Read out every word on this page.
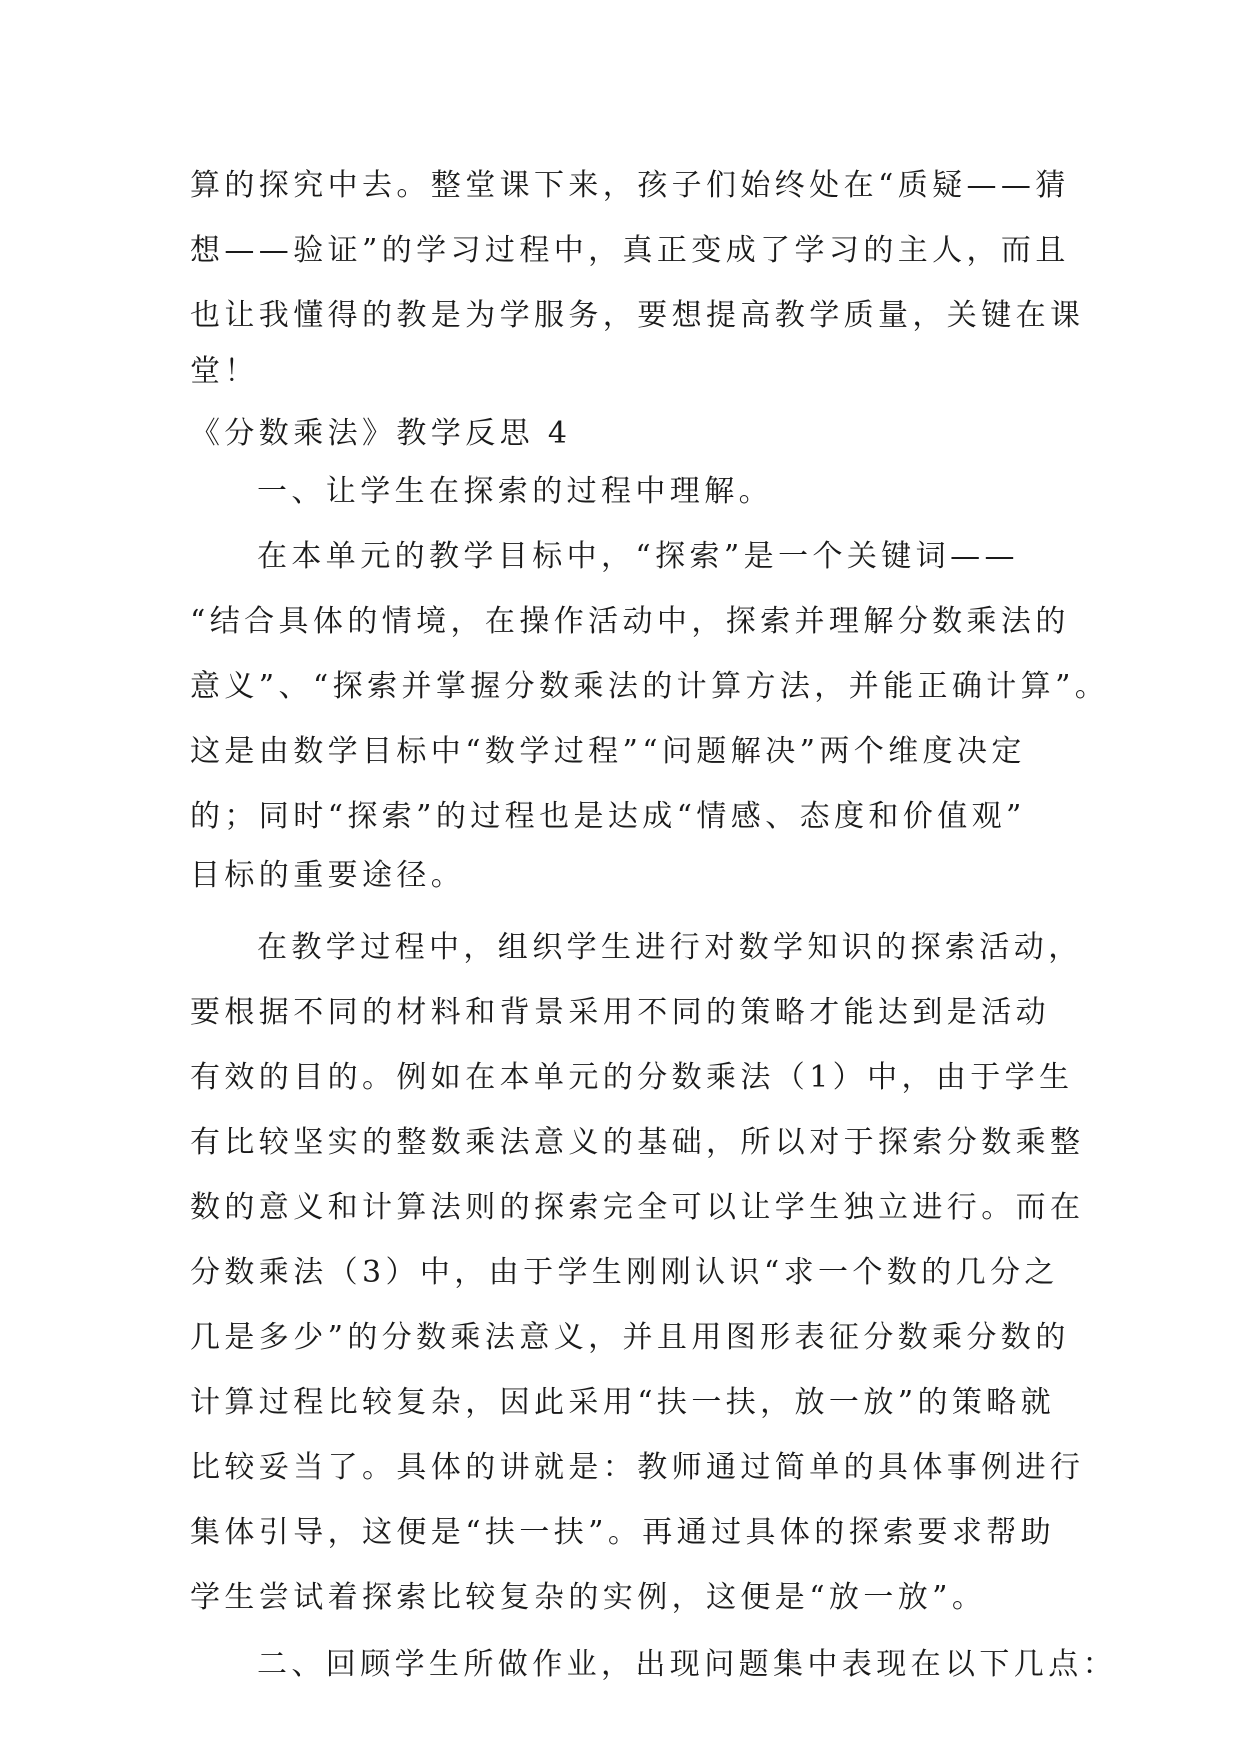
算的探究中去。整堂课下来，孩子们始终处在“质疑——猜

想——验证”的学习过程中，真正变成了学习的主人，而且

也让我懂得的教是为学服务，要想提高教学质量，关键在课

堂！

《分数乘法》教学反思 4

一、让学生在探索的过程中理解。

在本单元的教学目标中，“探索”是一个关键词——

“结合具体的情境，在操作活动中，探索并理解分数乘法的

意义”、“探索并掌握分数乘法的计算方法，并能正确计算”。

这是由数学目标中“数学过程”“问题解决”两个维度决定

的；同时“探索”的过程也是达成“情感、态度和价值观”

目标的重要途径。

在教学过程中，组织学生进行对数学知识的探索活动，

要根据不同的材料和背景采用不同的策略才能达到是活动

有效的目的。例如在本单元的分数乘法（1）中，由于学生

有比较坚实的整数乘法意义的基础，所以对于探索分数乘整

数的意义和计算法则的探索完全可以让学生独立进行。而在

分数乘法（3）中，由于学生刚刚认识“求一个数的几分之

几是多少”的分数乘法意义，并且用图形表征分数乘分数的

计算过程比较复杂，因此采用“扶一扶，放一放”的策略就

比较妥当了。具体的讲就是：教师通过简单的具体事例进行

集体引导，这便是“扶一扶”。再通过具体的探索要求帮助

学生尝试着探索比较复杂的实例，这便是“放一放”。

二、回顾学生所做作业，出现问题集中表现在以下几点：
